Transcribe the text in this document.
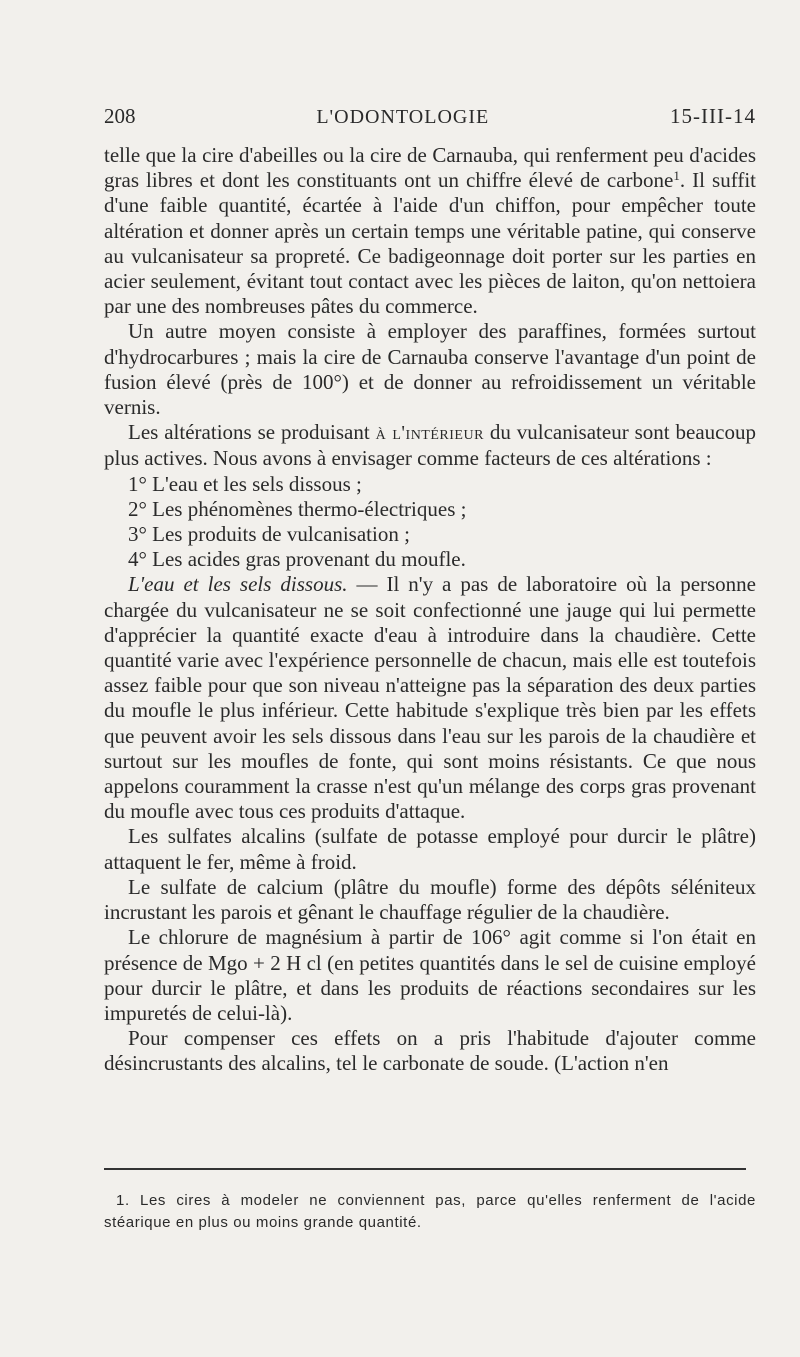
208	L'ODONTOLOGIE	15-III-14

telle que la cire d'abeilles ou la cire de Carnauba, qui renferment peu d'acides gras libres et dont les constituants ont un chiffre élevé de carbone$^1$. Il suffit d'une faible quantité, écartée à l'aide d'un chiffon, pour empêcher toute altération et donner après un certain temps une véritable patine, qui conserve au vulcanisateur sa propreté. Ce badigeonnage doit porter sur les parties en acier seulement, évitant tout contact avec les pièces de laiton, qu'on nettoiera par une des nombreuses pâtes du commerce.

Un autre moyen consiste à employer des paraffines, formées surtout d'hydrocarbures ; mais la cire de Carnauba conserve l'avantage d'un point de fusion élevé (près de 100°) et de donner au refroidissement un véritable vernis.

Les altérations se produisant à l'intérieur du vulcanisateur sont beaucoup plus actives. Nous avons à envisager comme facteurs de ces altérations :

1° L'eau et les sels dissous ;

2° Les phénomènes thermo-électriques ;

3° Les produits de vulcanisation ;

4° Les acides gras provenant du moufle.

L'eau et les sels dissous. — Il n'y a pas de laboratoire où la personne chargée du vulcanisateur ne se soit confectionné une jauge qui lui permette d'apprécier la quantité exacte d'eau à introduire dans la chaudière. Cette quantité varie avec l'expérience personnelle de chacun, mais elle est toutefois assez faible pour que son niveau n'atteigne pas la séparation des deux parties du moufle le plus inférieur. Cette habitude s'explique très bien par les effets que peuvent avoir les sels dissous dans l'eau sur les parois de la chaudière et surtout sur les moufles de fonte, qui sont moins résistants. Ce que nous appelons couramment la crasse n'est qu'un mélange des corps gras provenant du moufle avec tous ces produits d'attaque.

Les sulfates alcalins (sulfate de potasse employé pour durcir le plâtre) attaquent le fer, même à froid.

Le sulfate de calcium (plâtre du moufle) forme des dépôts séléniteux incrustant les parois et gênant le chauffage régulier de la chaudière.

Le chlorure de magnésium à partir de 106° agit comme si l'on était en présence de Mgo + 2 H cl (en petites quantités dans le sel de cuisine employé pour durcir le plâtre, et dans les produits de réactions secondaires sur les impuretés de celui-là).

Pour compenser ces effets on a pris l'habitude d'ajouter comme désincrustants des alcalins, tel le carbonate de soude. (L'action n'en

1. Les cires à modeler ne conviennent pas, parce qu'elles renferment de l'acide stéarique en plus ou moins grande quantité.
